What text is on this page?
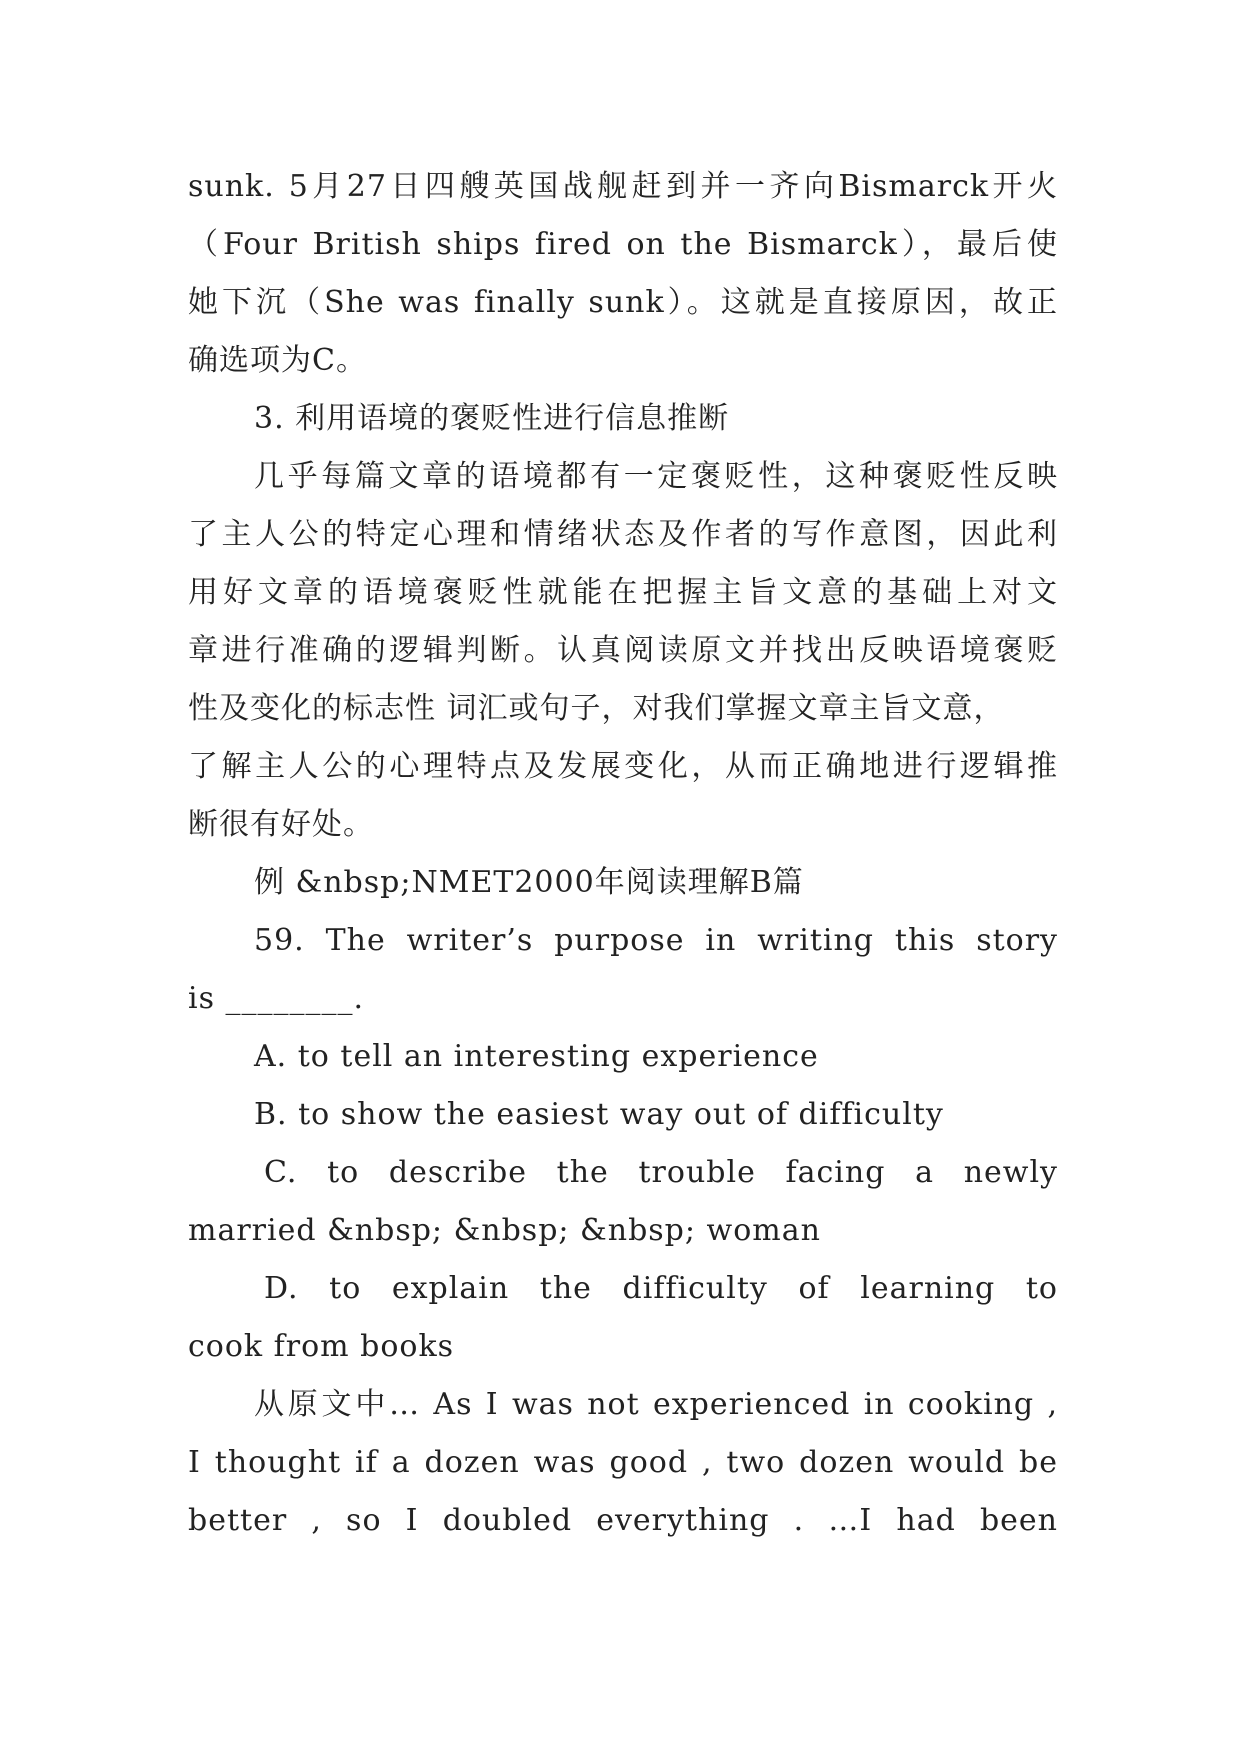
sunk. 5月27日四艘英国战舰赶到并一齐向Bismarck开火
（Four British ships fired on the Bismarck），最后使
她下沉（She was finally sunk）。这就是直接原因，故正
确选项为C。
3. 利用语境的褒贬性进行信息推断
几乎每篇文章的语境都有一定褒贬性，这种褒贬性反映
了主人公的特定心理和情绪状态及作者的写作意图，因此利
用好文章的语境褒贬性就能在把握主旨文意的基础上对文
章进行准确的逻辑判断。认真阅读原文并找出反映语境褒贬
性及变化的标志性 词汇或句子，对我们掌握文章主旨文意，
了解主人公的心理特点及发展变化，从而正确地进行逻辑推
断很有好处。
例 &nbsp;NMET2000年阅读理解B篇
59. The writer’s purpose in writing this story
is ________.
A. to tell an interesting experience
B. to show the easiest way out of difficulty
C. to describe the trouble facing a newly
married &nbsp; &nbsp; &nbsp; woman
D. to explain the difficulty of learning to
cook from books
从原文中… As I was not experienced in cooking ,
I thought if a dozen was good , two dozen would be
better , so I doubled everything . …I had been
